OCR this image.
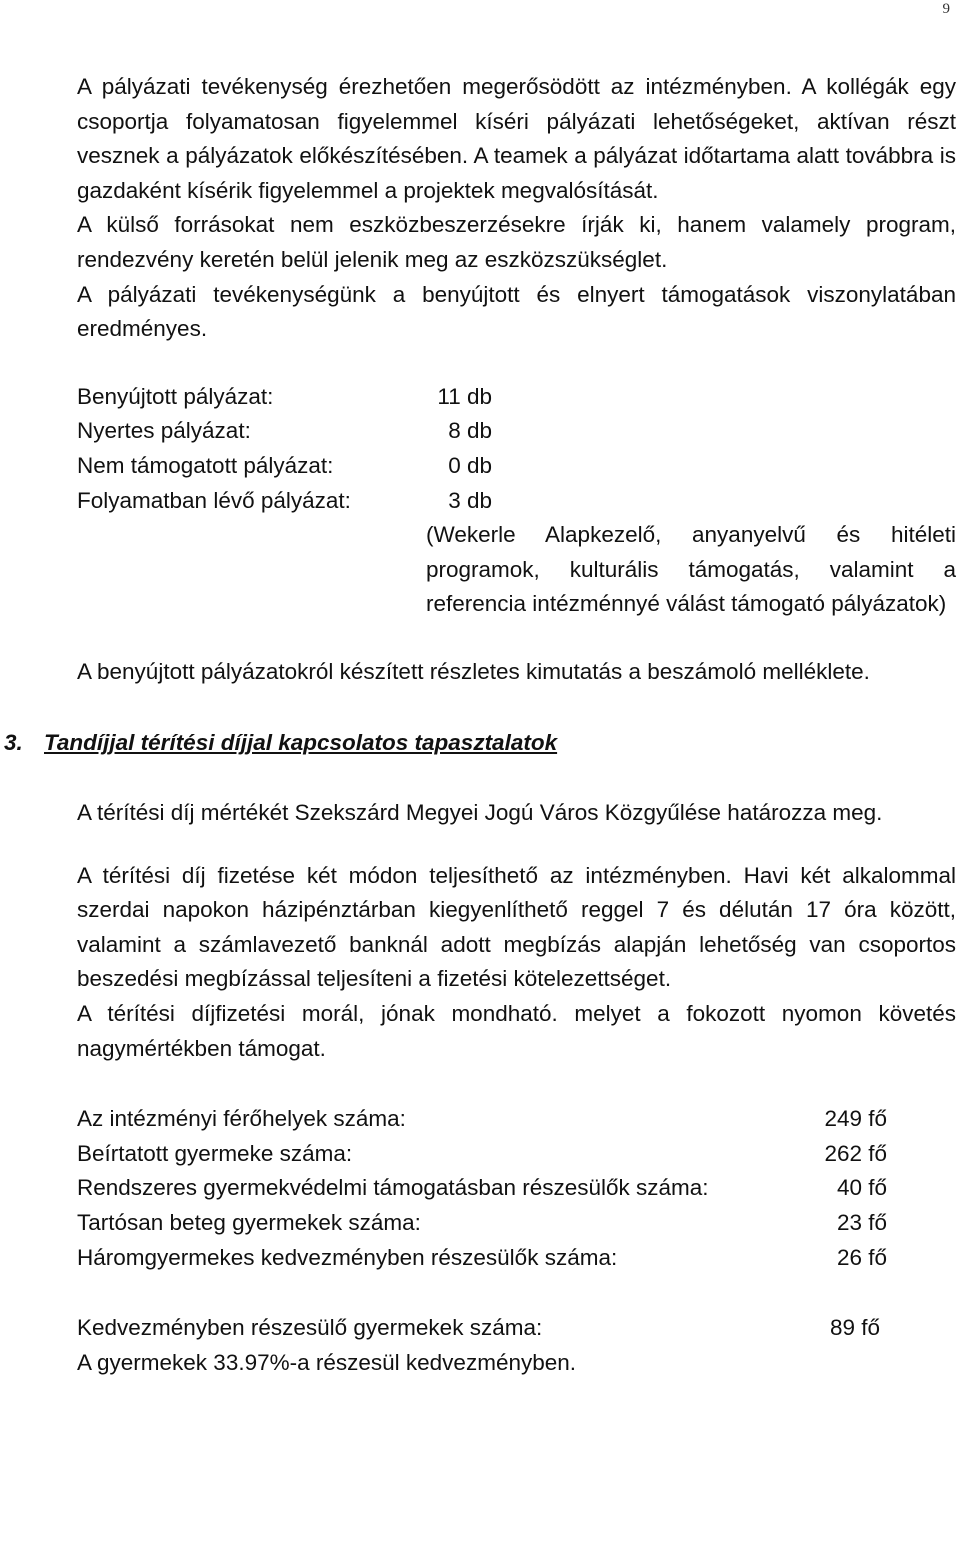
9

A pályázati tevékenység érezhetően megerősödött az intézményben. A kollégák egy csoportja folyamatosan figyelemmel kíséri pályázati lehetőségeket, aktívan részt vesznek a pályázatok előkészítésében. A teamek a pályázat időtartama alatt továbbra is gazdaként kísérik figyelemmel a projektek megvalósítását.

A külső forrásokat nem eszközbeszerzésekre írják ki, hanem valamely program, rendezvény keretén belül jelenik meg az eszközszükséglet.

A pályázati tevékenységünk a benyújtott és elnyert támogatások viszonylatában eredményes.

Benyújtott pályázat:	11 db
Nyertes pályázat:	8 db
Nem támogatott pályázat:	0 db
Folyamatban lévő pályázat:	3 db

(Wekerle Alapkezelő, anyanyelvű és hitéleti programok, kulturális támogatás, valamint a referencia intézménnyé válást támogató pályázatok)

A benyújtott pályázatokról készített részletes kimutatás a beszámoló melléklete.

3. Tandíjjal térítési díjjal kapcsolatos tapasztalatok

A térítési díj mértékét Szekszárd Megyei Jogú Város Közgyűlése határozza meg.

A térítési díj fizetése két módon teljesíthető az intézményben. Havi két alkalommal szerdai napokon házipénztárban kiegyenlíthető reggel 7 és délután 17 óra között, valamint a számlavezető banknál adott megbízás alapján lehetőség van csoportos beszedési megbízással teljesíteni a fizetési kötelezettséget.

A térítési díjfizetési morál, jónak mondható. melyet a fokozott nyomon követés nagymértékben támogat.

Az intézményi férőhelyek száma:	249 fő
Beírtatott gyermeke száma:	262 fő
Rendszeres gyermekvédelmi támogatásban részesülők száma:	40 fő
Tartósan beteg gyermekek száma:	23 fő
Háromgyermekes kedvezményben részesülők száma:	26 fő
Kedvezményben részesülő gyermekek száma:	89 fő
A gyermekek 33.97%-a részesül kedvezményben.
